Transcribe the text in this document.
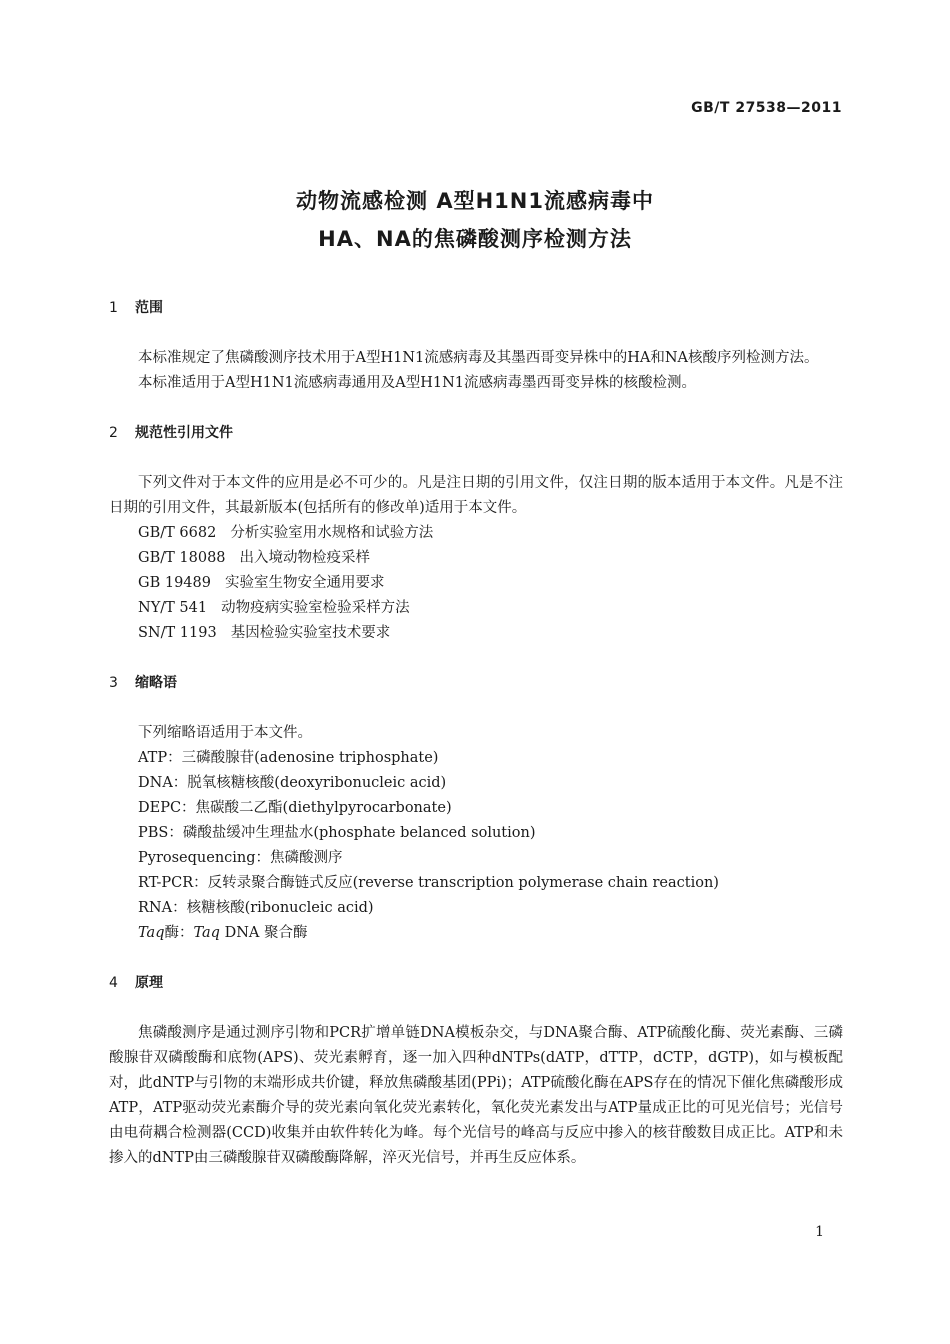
GB/T 27538—2011
动物流感检测 A型H1N1流感病毒中
HA、NA的焦磷酸测序检测方法
1 范围

本标准规定了焦磷酸测序技术用于A型H1N1流感病毒及其墨西哥变异株中的HA和NA核酸序列检测方法。

本标准适用于A型H1N1流感病毒通用及A型H1N1流感病毒墨西哥变异株的核酸检测。

2 规范性引用文件

下列文件对于本文件的应用是必不可少的。凡是注日期的引用文件，仅注日期的版本适用于本文件。凡是不注日期的引用文件，其最新版本(包括所有的修改单)适用于本文件。

GB/T 6682 分析实验室用水规格和试验方法

GB/T 18088 出入境动物检疫采样

GB 19489 实验室生物安全通用要求

NY/T 541 动物疫病实验室检验采样方法

SN/T 1193 基因检验实验室技术要求

3 缩略语

下列缩略语适用于本文件。

ATP：三磷酸腺苷(adenosine triphosphate)

DNA：脱氧核糖核酸(deoxyribonucleic acid)

DEPC：焦碳酸二乙酯(diethylpyrocarbonate)

PBS：磷酸盐缓冲生理盐水(phosphate belanced solution)

Pyrosequencing：焦磷酸测序

RT-PCR：反转录聚合酶链式反应(reverse transcription polymerase chain reaction)

RNA：核糖核酸(ribonucleic acid)

Taq酶：Taq DNA 聚合酶

4 原理

焦磷酸测序是通过测序引物和PCR扩增单链DNA模板杂交，与DNA聚合酶、ATP硫酸化酶、荧光素酶、三磷酸腺苷双磷酸酶和底物(APS)、荧光素孵育，逐一加入四种dNTPs(dATP，dTTP，dCTP，dGTP)，如与模板配对，此dNTP与引物的末端形成共价键，释放焦磷酸基团(PPi)；ATP硫酸化酶在APS存在的情况下催化焦磷酸形成ATP，ATP驱动荧光素酶介导的荧光素向氧化荧光素转化，氧化荧光素发出与ATP量成正比的可见光信号；光信号由电荷耦合检测器(CCD)收集并由软件转化为峰。每个光信号的峰高与反应中掺入的核苷酸数目成正比。ATP和未掺入的dNTP由三磷酸腺苷双磷酸酶降解，淬灭光信号，并再生反应体系。

1
